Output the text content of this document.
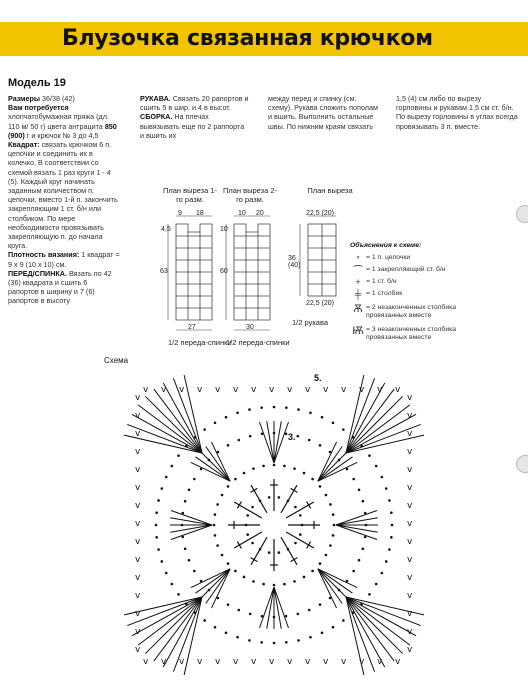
Блузочка связанная крючком
Модель 19
Размеры 36/38 (42)
Вам потребуется хлопчатобумажная пряжа (дл. 110 м/ 50 г) цвета антрацита 850 (900) г и крючок № 3 до 4,5
Квадрат: связать крючком 6 п. цепочки и соединить их в колечко. В соответствии со схемой вязать 1 раз круги 1 - 4 (5). Каждый круг начинать заданным количеством п. цепочки, вместо 1-й п. закончить закрепляющим 1 ст. б/н или столбиком. По мере необходимости провязывать закрепляющую п. до начала круга.
Плотность вязания: 1 квадрат = 9 x 9 (10 x 10) см.
ПЕРЕД/СПИНКА. Вязать по 42 (36) квадрата и сшить 6 рапортов в ширину и 7 (6) рапортов в высоту
РУКАВА. Связать 20 рапортов и сшить 5 в шир. и 4 в высот.
СБОРКА. На плечах вывязывать еще по 2 раппорта и вшить их
между перед и спинку (см. схему). Рукава сложить пополам и вшить. Выполнить остальные швы. По нижним краям связать
1,5 (4) см либо по вырезу горловины и рукавам 1,5 см ст. б/н. По вырезу горловины в углах всегда провязывать 3 п. вместе.
План выреза 1-го разм.
План выреза 2-го разм.
План выреза
9 18
4,5
63
27
10 20
10
60
30
22,5 (20)
36 (40)
22,5 (20)
1/2 рукава
1/2 переда-спинки
1/2 переда-спинки
Объяснения к схеме:
∘ = 1 п. цепочки
⌒ = 1 закрепляющий ст. б/н
+ = 1 ст. б/н
╪ = 1 столбик
Ѫ = 2 незаконченных столбика провязанных вместе
Ѭ = 3 незаконченных столбика провязанных вместе
Схема
v
v
v	v
v
v
v	v
v
v
v	v
v
v
v	v
v
v
v	v
v
v
v	v
v
v
v	v
v
v
v	v
v
v
v	v
v
v
v	v
v
v
v	v
v
v
v	v
v
v
v	v
v
v
v	v
v
v
v	v
5.
3.
